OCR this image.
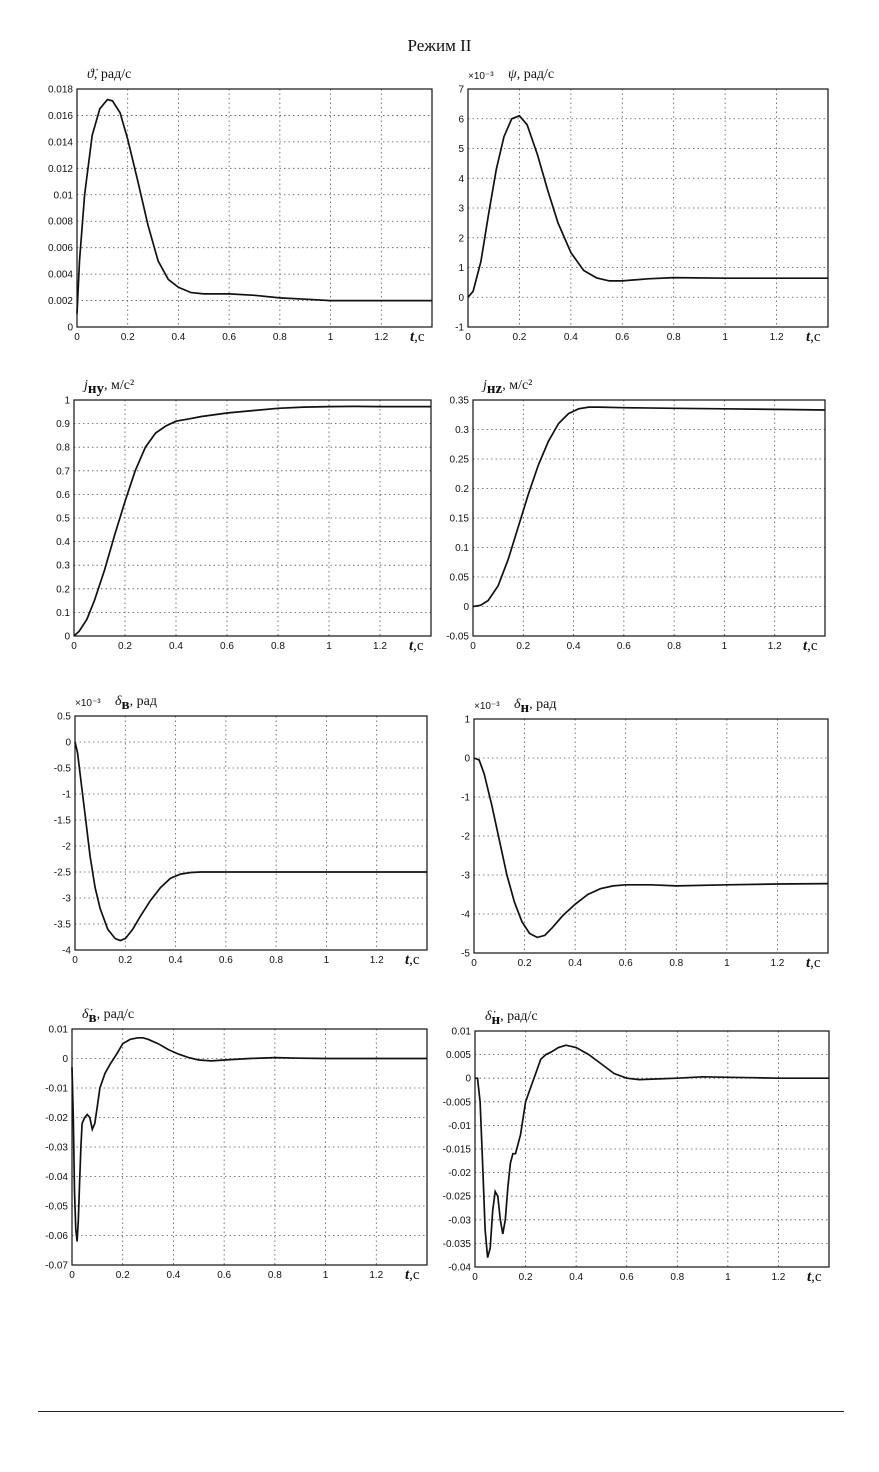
Режим II
0	0.2	0.4	0.6	0.8	1	1.2
0
0.002
0.004
0.006
0.008
0.01
0.012
0.014
0.016
0.018
ϑ̇, рад/с
t,c	0	0.2	0.4	0.6	0.8	1	1.2
-1
0
1
2
3
4
5
6
7
×10⁻³ ψ, рад/с
t,c
0	0.2	0.4	0.6	0.8	1	1.2
0
0.1
0.2
0.3
0.4
0.5
0.6
0.7
0.8
0.9
1
$j_{ну}$, м/с²
t,c	0	0.2	0.4	0.6	0.8	1	1.2
-0.05
0
0.05
0.1
0.15
0.2
0.25
0.3
0.35
$j_{нz}$, м/с²
t,c
0	0.2	0.4	0.6	0.8	1	1.2
-4
-3.5
-3
-2.5
-2
-1.5
-1
-0.5
0
0.5
×10⁻³ $\delta_в$, рад
t,c	0	0.2	0.4	0.6	0.8	1	1.2
-5
-4
-3
-2
-1
0
1
×10⁻³ $\delta_н$, рад
t,c
0	0.2	0.4	0.6	0.8	1	1.2
-0.07
-0.06
-0.05
-0.04
-0.03
-0.02
-0.01
0
0.01
$\deltȧ_в$, рад/с
t,c	0	0.2	0.4	0.6	0.8	1	1.2
-0.04
-0.035
-0.03
-0.025
-0.02
-0.015
-0.01
-0.005
0
0.005
0.01
$\deltȧ_н$, рад/с
t,c
